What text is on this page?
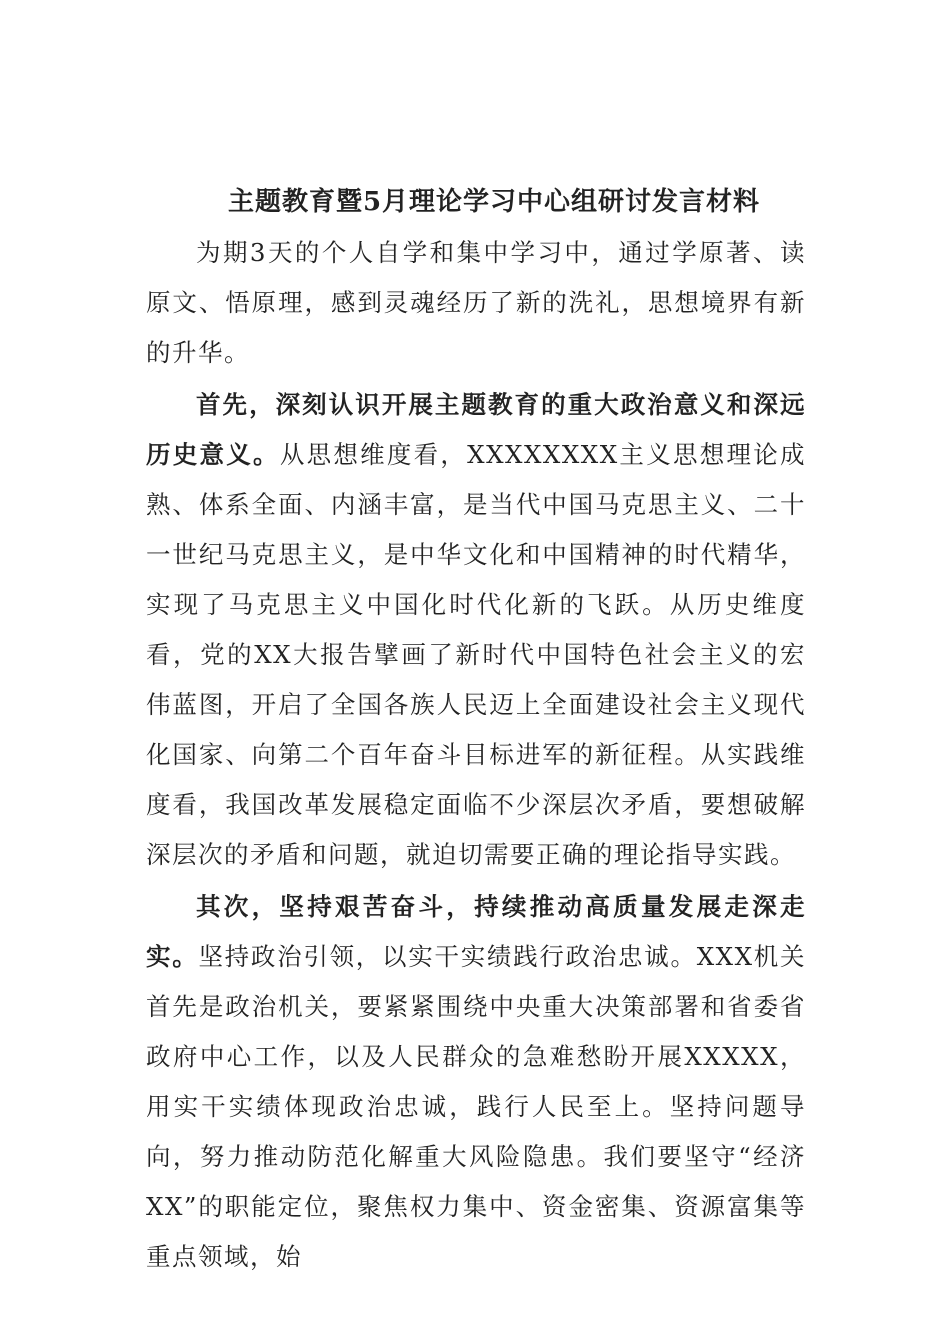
主题教育暨5月理论学习中心组研讨发言材料

为期3天的个人自学和集中学习中，通过学原著、读原文、悟原理，感到灵魂经历了新的洗礼，思想境界有新的升华。

首先，深刻认识开展主题教育的重大政治意义和深远历史意义。从思想维度看，XXXXXXXX主义思想理论成熟、体系全面、内涵丰富，是当代中国马克思主义、二十一世纪马克思主义，是中华文化和中国精神的时代精华，实现了马克思主义中国化时代化新的飞跃。从历史维度看，党的XX大报告擘画了新时代中国特色社会主义的宏伟蓝图，开启了全国各族人民迈上全面建设社会主义现代化国家、向第二个百年奋斗目标进军的新征程。从实践维度看，我国改革发展稳定面临不少深层次矛盾，要想破解深层次的矛盾和问题，就迫切需要正确的理论指导实践。

其次，坚持艰苦奋斗，持续推动高质量发展走深走实。坚持政治引领，以实干实绩践行政治忠诚。XXX机关首先是政治机关，要紧紧围绕中央重大决策部署和省委省政府中心工作，以及人民群众的急难愁盼开展XXXXX，用实干实绩体现政治忠诚，践行人民至上。坚持问题导向，努力推动防范化解重大风险隐患。我们要坚守“经济XX”的职能定位，聚焦权力集中、资金密集、资源富集等重点领域，始
